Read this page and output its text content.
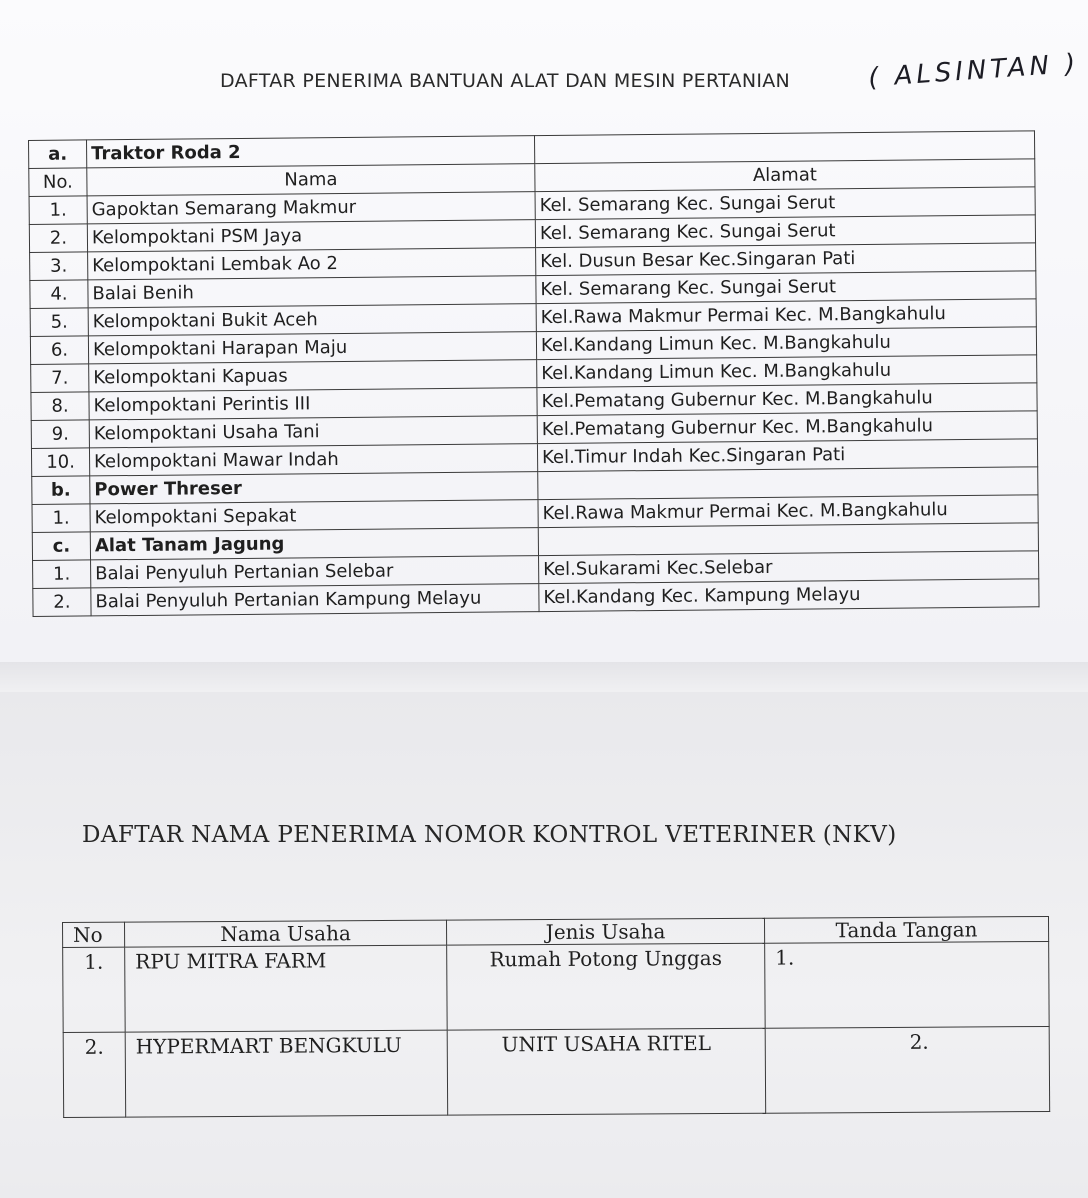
DAFTAR PENERIMA BANTUAN ALAT DAN MESIN PERTANIAN	( ALSINTAN )
a.	Traktor Roda 2	
No.	Nama	Alamat
1.	Gapoktan Semarang Makmur	Kel. Semarang Kec. Sungai Serut
2.	Kelompoktani PSM Jaya	Kel. Semarang Kec. Sungai Serut
3.	Kelompoktani Lembak Ao 2	Kel. Dusun Besar Kec.Singaran Pati
4.	Balai Benih	Kel. Semarang Kec. Sungai Serut
5.	Kelompoktani Bukit Aceh	Kel.Rawa Makmur Permai Kec. M.Bangkahulu
6.	Kelompoktani Harapan Maju	Kel.Kandang Limun Kec. M.Bangkahulu
7.	Kelompoktani Kapuas	Kel.Kandang Limun Kec. M.Bangkahulu
8.	Kelompoktani Perintis III	Kel.Pematang Gubernur Kec. M.Bangkahulu
9.	Kelompoktani Usaha Tani	Kel.Pematang Gubernur Kec. M.Bangkahulu
10.	Kelompoktani Mawar Indah	Kel.Timur Indah Kec.Singaran Pati
b.	Power Threser	
1.	Kelompoktani Sepakat	Kel.Rawa Makmur Permai Kec. M.Bangkahulu
c.	Alat Tanam Jagung	
1.	Balai Penyuluh Pertanian Selebar	Kel.Sukarami Kec.Selebar
2.	Balai Penyuluh Pertanian Kampung Melayu	Kel.Kandang Kec. Kampung Melayu
DAFTAR NAMA PENERIMA NOMOR KONTROL VETERINER (NKV)
No	Nama Usaha	Jenis Usaha	Tanda Tangan
1.	RPU MITRA FARM	Rumah Potong Unggas	1.
2.	HYPERMART BENGKULU	UNIT USAHA RITEL	2.
